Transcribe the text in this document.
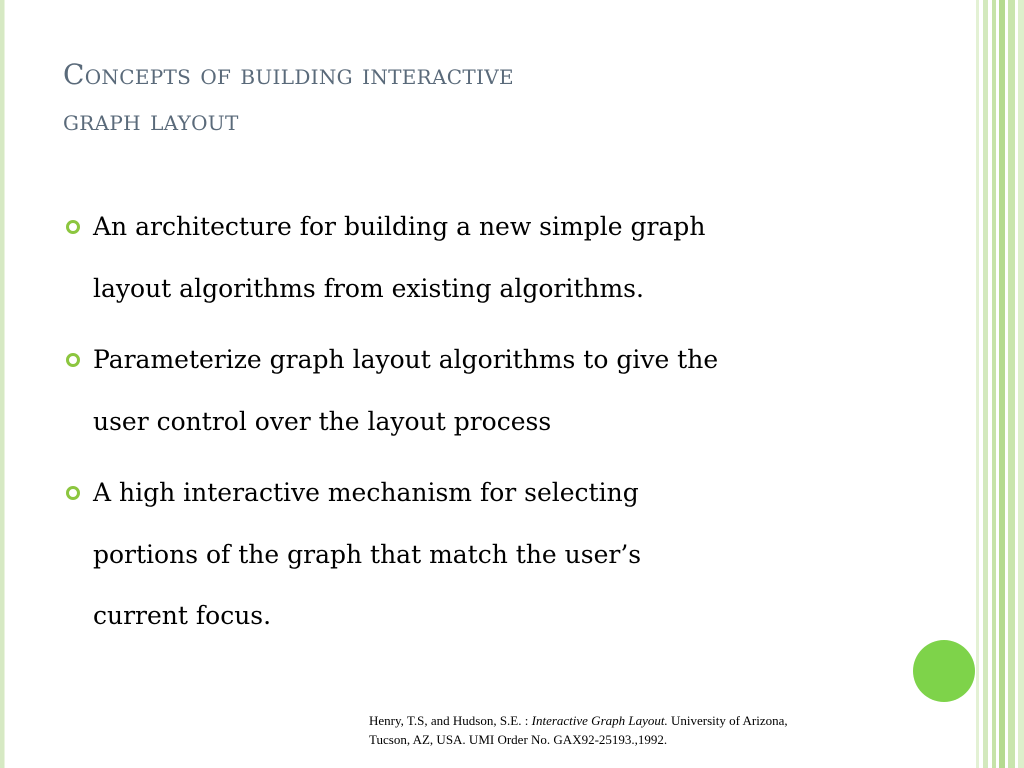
Concepts of building interactive
graph layout
An architecture for building a new simple graph
layout algorithms from existing algorithms.
Parameterize graph layout algorithms to give the
user control over the layout process
A high interactive mechanism for selecting
portions of the graph that match the user’s
current focus.
Henry, T.S, and Hudson, S.E. : Interactive Graph Layout. University of Arizona,
Tucson, AZ, USA. UMI Order No. GAX92-25193.,1992.
